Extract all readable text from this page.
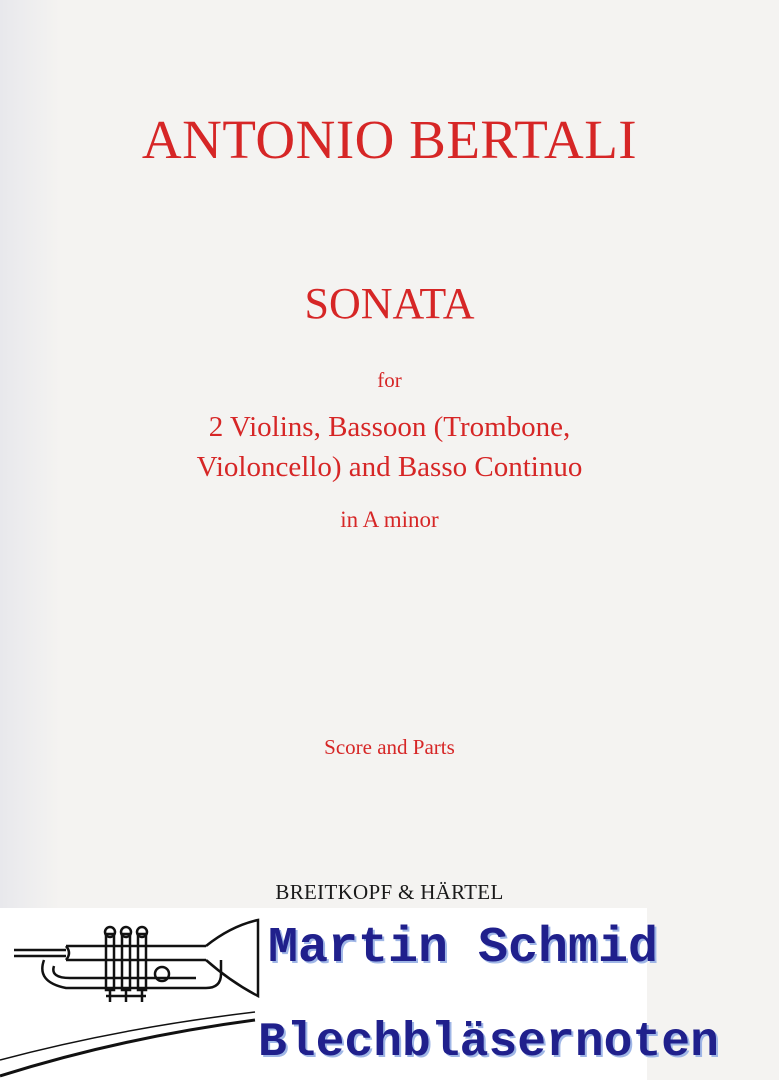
ANTONIO BERTALI
SONATA
for
2 Violins, Bassoon (Trombone,
Violoncello) and Basso Continuo
in A minor
Score and Parts
BREITKOPF & HÄRTEL
Martin Schmid
Blechbläsernoten
